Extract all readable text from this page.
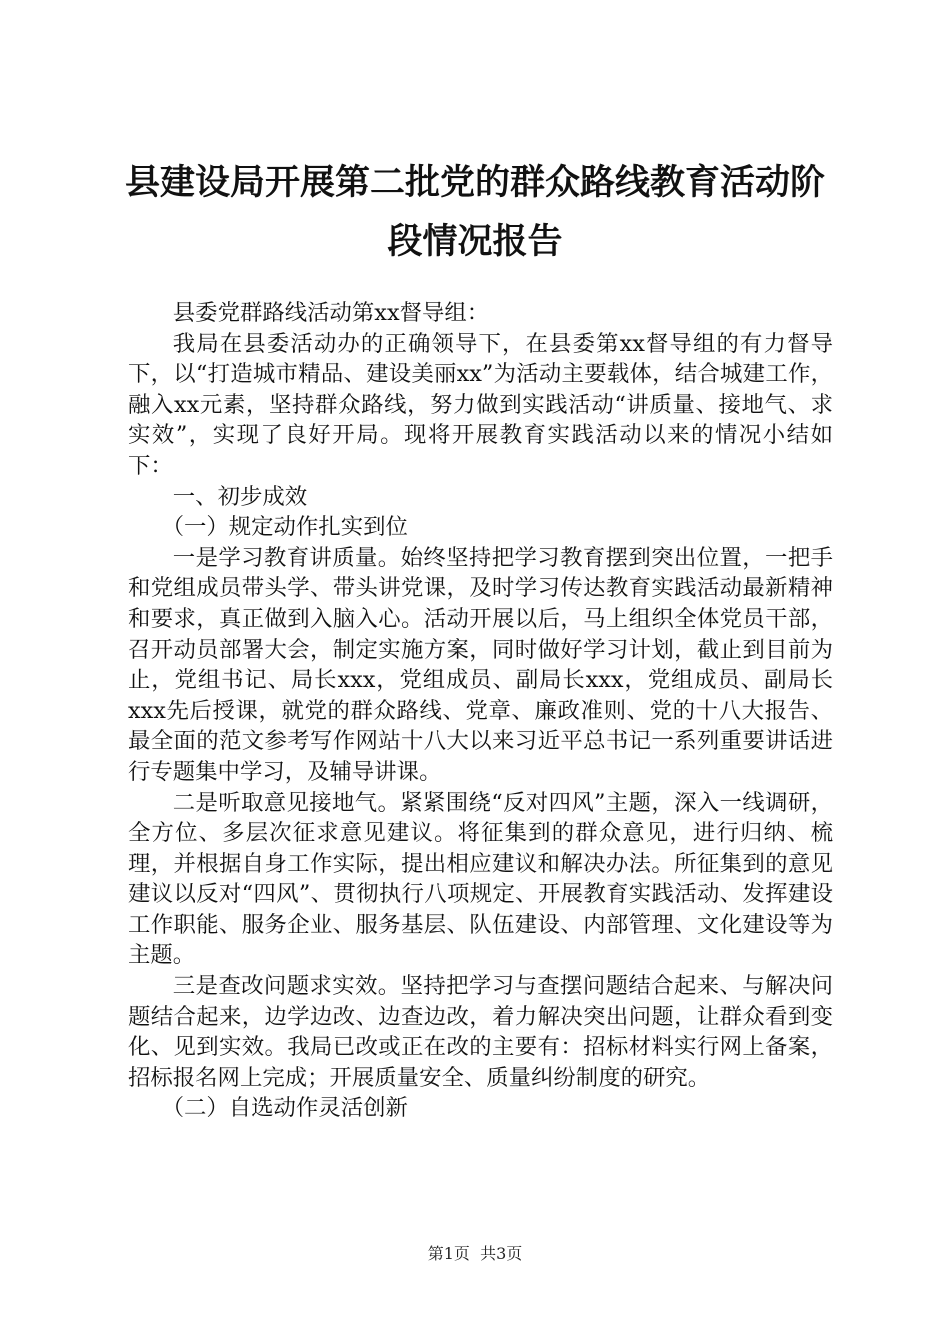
县建设局开展第二批党的群众路线教育活动阶
段情况报告

县委党群路线活动第xx督导组：

我局在县委活动办的正确领导下，在县委第xx督导组的有力督导下，以“打造城市精品、建设美丽xx”为活动主要载体，结合城建工作，融入xx元素，坚持群众路线，努力做到实践活动“讲质量、接地气、求实效”，实现了良好开局。现将开展教育实践活动以来的情况小结如下：

一、初步成效

（一）规定动作扎实到位

一是学习教育讲质量。始终坚持把学习教育摆到突出位置，一把手和党组成员带头学、带头讲党课，及时学习传达教育实践活动最新精神和要求，真正做到入脑入心。活动开展以后，马上组织全体党员干部，召开动员部署大会，制定实施方案，同时做好学习计划，截止到目前为止，党组书记、局长xxx，党组成员、副局长xxx，党组成员、副局长xxx先后授课，就党的群众路线、党章、廉政准则、党的十八大报告、最全面的范文参考写作网站十八大以来习近平总书记一系列重要讲话进行专题集中学习，及辅导讲课。

二是听取意见接地气。紧紧围绕“反对四风”主题，深入一线调研，全方位、多层次征求意见建议。将征集到的群众意见，进行归纳、梳理，并根据自身工作实际，提出相应建议和解决办法。所征集到的意见建议以反对“四风”、贯彻执行八项规定、开展教育实践活动、发挥建设工作职能、服务企业、服务基层、队伍建设、内部管理、文化建设等为主题。

三是查改问题求实效。坚持把学习与查摆问题结合起来、与解决问题结合起来，边学边改、边查边改，着力解决突出问题，让群众看到变化、见到实效。我局已改或正在改的主要有：招标材料实行网上备案，招标报名网上完成；开展质量安全、质量纠纷制度的研究。

（二）自选动作灵活创新

第1页 共3页
